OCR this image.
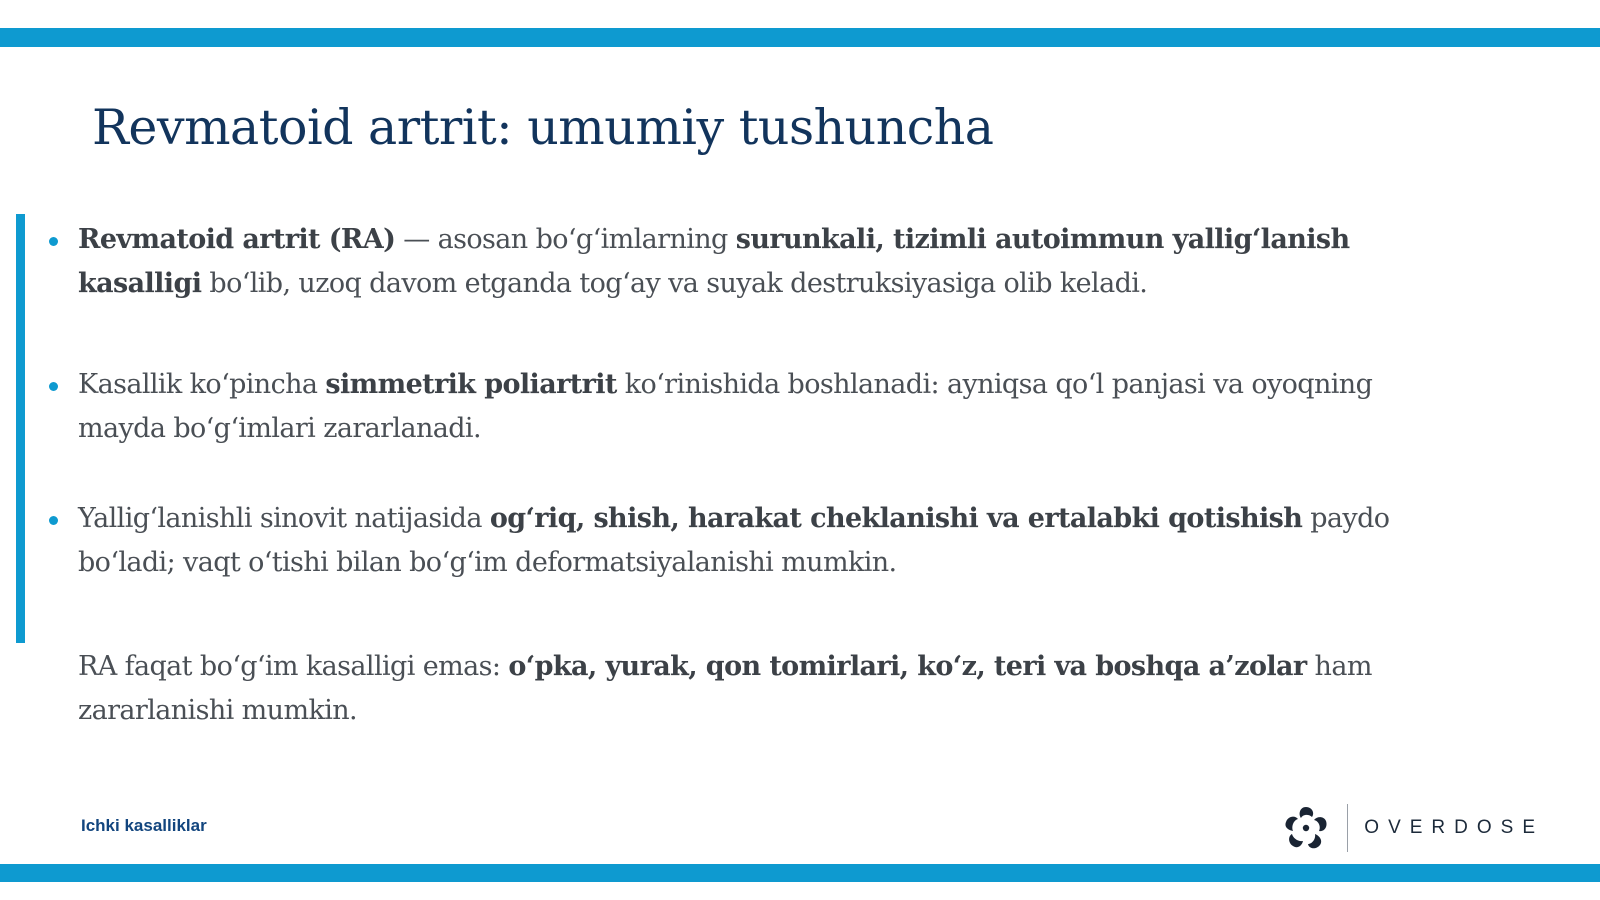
Revmatoid artrit: umumiy tushuncha
Revmatoid artrit (RA) — asosan bo‘g‘imlarning surunkali, tizimli autoimmun yallig‘lanish kasalligi bo‘lib, uzoq davom etganda tog‘ay va suyak destruksiyasiga olib keladi.
Kasallik ko‘pincha simmetrik poliartrit ko‘rinishida boshlanadi: ayniqsa qo‘l panjasi va oyoqning mayda bo‘g‘imlari zararlanadi.
Yallig‘lanishli sinovit natijasida og‘riq, shish, harakat cheklanishi va ertalabki qotishish paydo bo‘ladi; vaqt o‘tishi bilan bo‘g‘im deformatsiyalanishi mumkin.

RA faqat bo‘g‘im kasalligi emas: o‘pka, yurak, qon tomirlari, ko‘z, teri va boshqa a’zolar ham zararlanishi mumkin.

Ichki kasalliklar	OVERDOSE
